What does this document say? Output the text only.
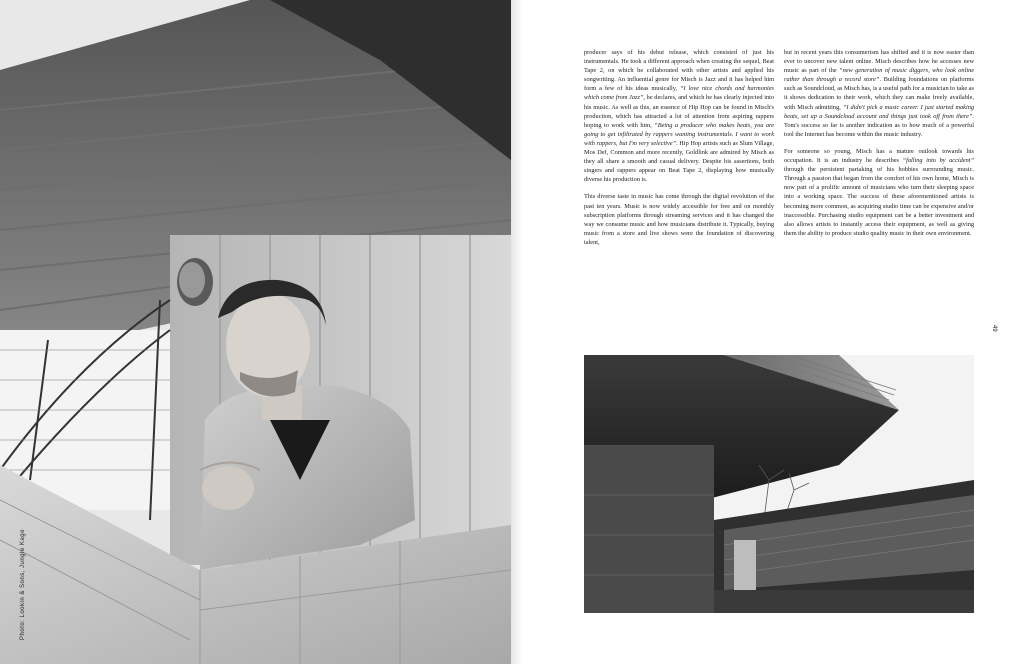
Photo: Lookin & Sons, Jungle Kage

producer says of his debut release, which consisted of just his instrumentals. He took a different approach when creating the sequel, Beat Tape 2, on which he collaborated with other artists and applied his songwriting. An influential genre for Misch is Jazz and it has helped him form a few of his ideas musically, “I love nice chords and harmonies which come from Jazz”, he declares, and which he has clearly injected into his music. As well as this, an essence of Hip Hop can be found in Misch's production, which has attracted a lot of attention from aspiring rappers hoping to work with him, “Being a producer who makes beats, you are going to get infiltrated by rappers wanting instrumentals. I want to work with rappers, but I'm very selective”. Hip Hop artists such as Slum Village, Mos Def, Common and more recently, Goldlink are admired by Misch as they all share a smooth and casual delivery. Despite his assertions, both singers and rappers appear on Beat Tape 2, displaying how musically diverse his production is.

This diverse taste in music has come through the digital revolution of the past ten years. Music is now widely accessible for free and on monthly subscription platforms through streaming services and it has changed the way we consume music and how musicians distribute it. Typically, buying music from a store and live shows were the foundation of discovering talent,

but in recent years this consumerism has shifted and it is now easier than ever to uncover new talent online. Misch describes how he accesses new music as part of the “new generation of music diggers, who look online rather than through a record store”. Building foundations on platforms such as Soundcloud, as Misch has, is a useful path for a musician to take as it shows dedication to their work, which they can make freely available, with Misch admitting, “I didn't pick a music career. I just started making beats, set up a Soundcloud account and things just took off from there”. Tom's success so far is another indication as to how much of a powerful tool the Internet has become within the music industry.

For someone so young, Misch has a mature outlook towards his occupation. It is an industry he describes “falling into by accident” through the persistent partaking of his hobbies surrounding music. Through a passion that began from the comfort of his own home, Misch is now part of a prolific amount of musicians who turn their sleeping space into a working space. The success of these aforementioned artists is becoming more common, as acquiring studio time can be expensive and/or inaccessible. Purchasing studio equipment can be a better investment and also allows artists to instantly access their equipment, as well as giving them the ability to produce studio quality music in their own environment.

49
